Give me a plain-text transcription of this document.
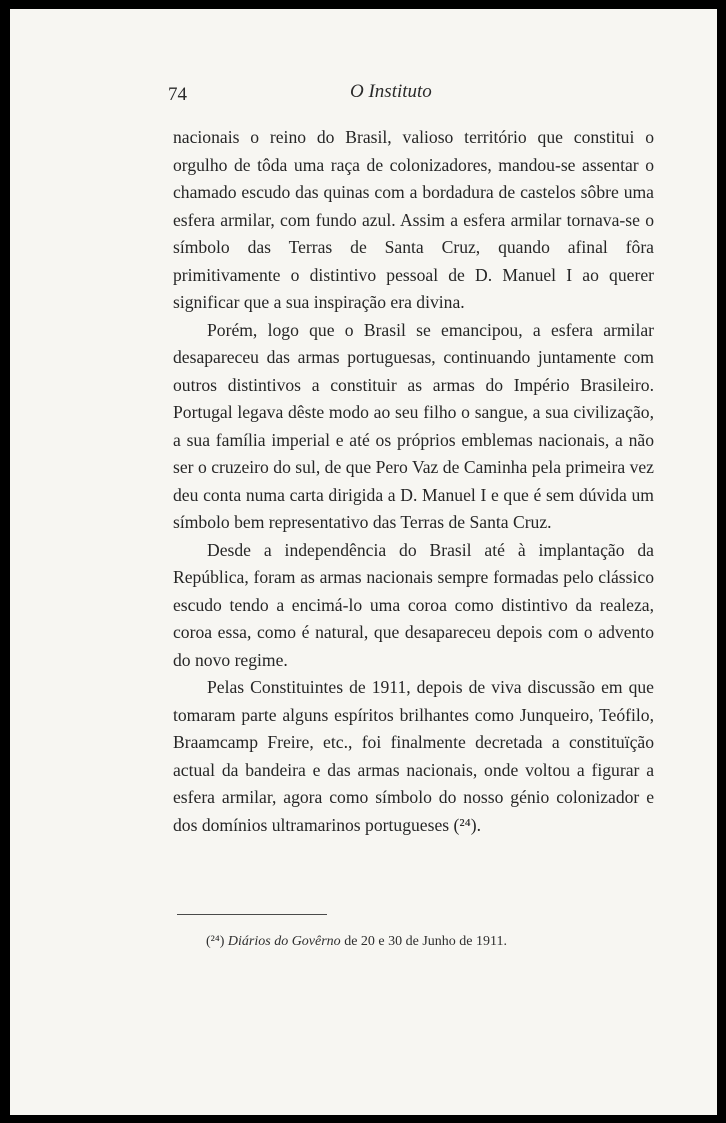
74	O Instituto

nacionais o reino do Brasil, valioso território que constitui o orgulho de tôda uma raça de colonizadores, mandou-se assentar o chamado escudo das quinas com a bordadura de castelos sôbre uma esfera armilar, com fundo azul. Assim a esfera armilar tornava-se o símbolo das Terras de Santa Cruz, quando afinal fôra primitivamente o distintivo pessoal de D. Manuel I ao querer significar que a sua inspiração era divina.

Porém, logo que o Brasil se emancipou, a esfera armilar desapareceu das armas portuguesas, continuando juntamente com outros distintivos a constituir as armas do Império Brasileiro. Portugal legava dêste modo ao seu filho o sangue, a sua civilização, a sua família imperial e até os próprios emblemas nacionais, a não ser o cruzeiro do sul, de que Pero Vaz de Caminha pela primeira vez deu conta numa carta dirigida a D. Manuel I e que é sem dúvida um símbolo bem representativo das Terras de Santa Cruz.

Desde a independência do Brasil até à implantação da República, foram as armas nacionais sempre formadas pelo clássico escudo tendo a encimá-lo uma coroa como distintivo da realeza, coroa essa, como é natural, que desapareceu depois com o advento do novo regime.

Pelas Constituintes de 1911, depois de viva discussão em que tomaram parte alguns espíritos brilhantes como Junqueiro, Teófilo, Braamcamp Freire, etc., foi finalmente decretada a constituïção actual da bandeira e das armas nacionais, onde voltou a figurar a esfera armilar, agora como símbolo do nosso génio colonizador e dos domínios ultramarinos portugueses (²⁴).

(²⁴) Diários do Govêrno de 20 e 30 de Junho de 1911.
